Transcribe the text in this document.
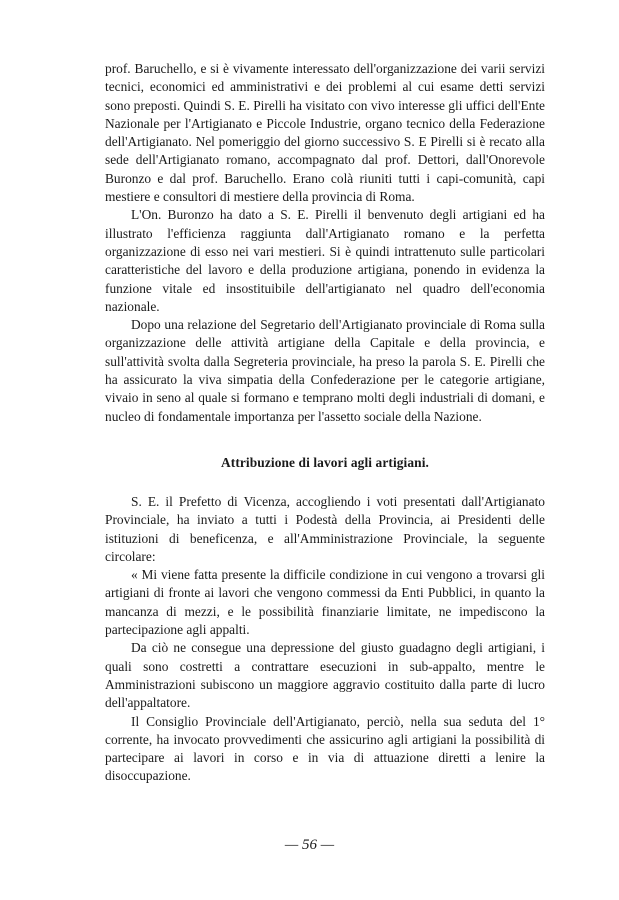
prof. Baruchello, e si è vivamente interessato dell'organizzazione dei varii servizi tecnici, economici ed amministrativi e dei problemi al cui esame detti servizi sono preposti. Quindi S. E. Pirelli ha visitato con vivo interesse gli uffici dell'Ente Nazionale per l'Artigianato e Piccole Industrie, organo tecnico della Federazione dell'Artigianato. Nel pomeriggio del giorno successivo S. E Pirelli si è recato alla sede dell'Artigianato romano, accompagnato dal prof. Dettori, dall'Onorevole Buronzo e dal prof. Baruchello. Erano colà riuniti tutti i capi-comunità, capi mestiere e consultori di mestiere della provincia di Roma.

L'On. Buronzo ha dato a S. E. Pirelli il benvenuto degli artigiani ed ha illustrato l'efficienza raggiunta dall'Artigianato romano e la perfetta organizzazione di esso nei vari mestieri. Si è quindi intrattenuto sulle particolari caratteristiche del lavoro e della produzione artigiana, ponendo in evidenza la funzione vitale ed insostituibile dell'artigianato nel quadro dell'economia nazionale.

Dopo una relazione del Segretario dell'Artigianato provinciale di Roma sulla organizzazione delle attività artigiane della Capitale e della provincia, e sull'attività svolta dalla Segreteria provinciale, ha preso la parola S. E. Pirelli che ha assicurato la viva simpatia della Confederazione per le categorie artigiane, vivaio in seno al quale si formano e temprano molti degli industriali di domani, e nucleo di fondamentale importanza per l'assetto sociale della Nazione.

Attribuzione di lavori agli artigiani.

S. E. il Prefetto di Vicenza, accogliendo i voti presentati dall'Artigianato Provinciale, ha inviato a tutti i Podestà della Provincia, ai Presidenti delle istituzioni di beneficenza, e all'Amministrazione Provinciale, la seguente circolare:

« Mi viene fatta presente la difficile condizione in cui vengono a trovarsi gli artigiani di fronte ai lavori che vengono commessi da Enti Pubblici, in quanto la mancanza di mezzi, e le possibilità finanziarie limitate, ne impediscono la partecipazione agli appalti.

Da ciò ne consegue una depressione del giusto guadagno degli artigiani, i quali sono costretti a contrattare esecuzioni in sub-appalto, mentre le Amministrazioni subiscono un maggiore aggravio costituito dalla parte di lucro dell'appaltatore.

Il Consiglio Provinciale dell'Artigianato, perciò, nella sua seduta del 1° corrente, ha invocato provvedimenti che assicurino agli artigiani la possibilità di partecipare ai lavori in corso e in via di attuazione diretti a lenire la disoccupazione.

— 56 —
